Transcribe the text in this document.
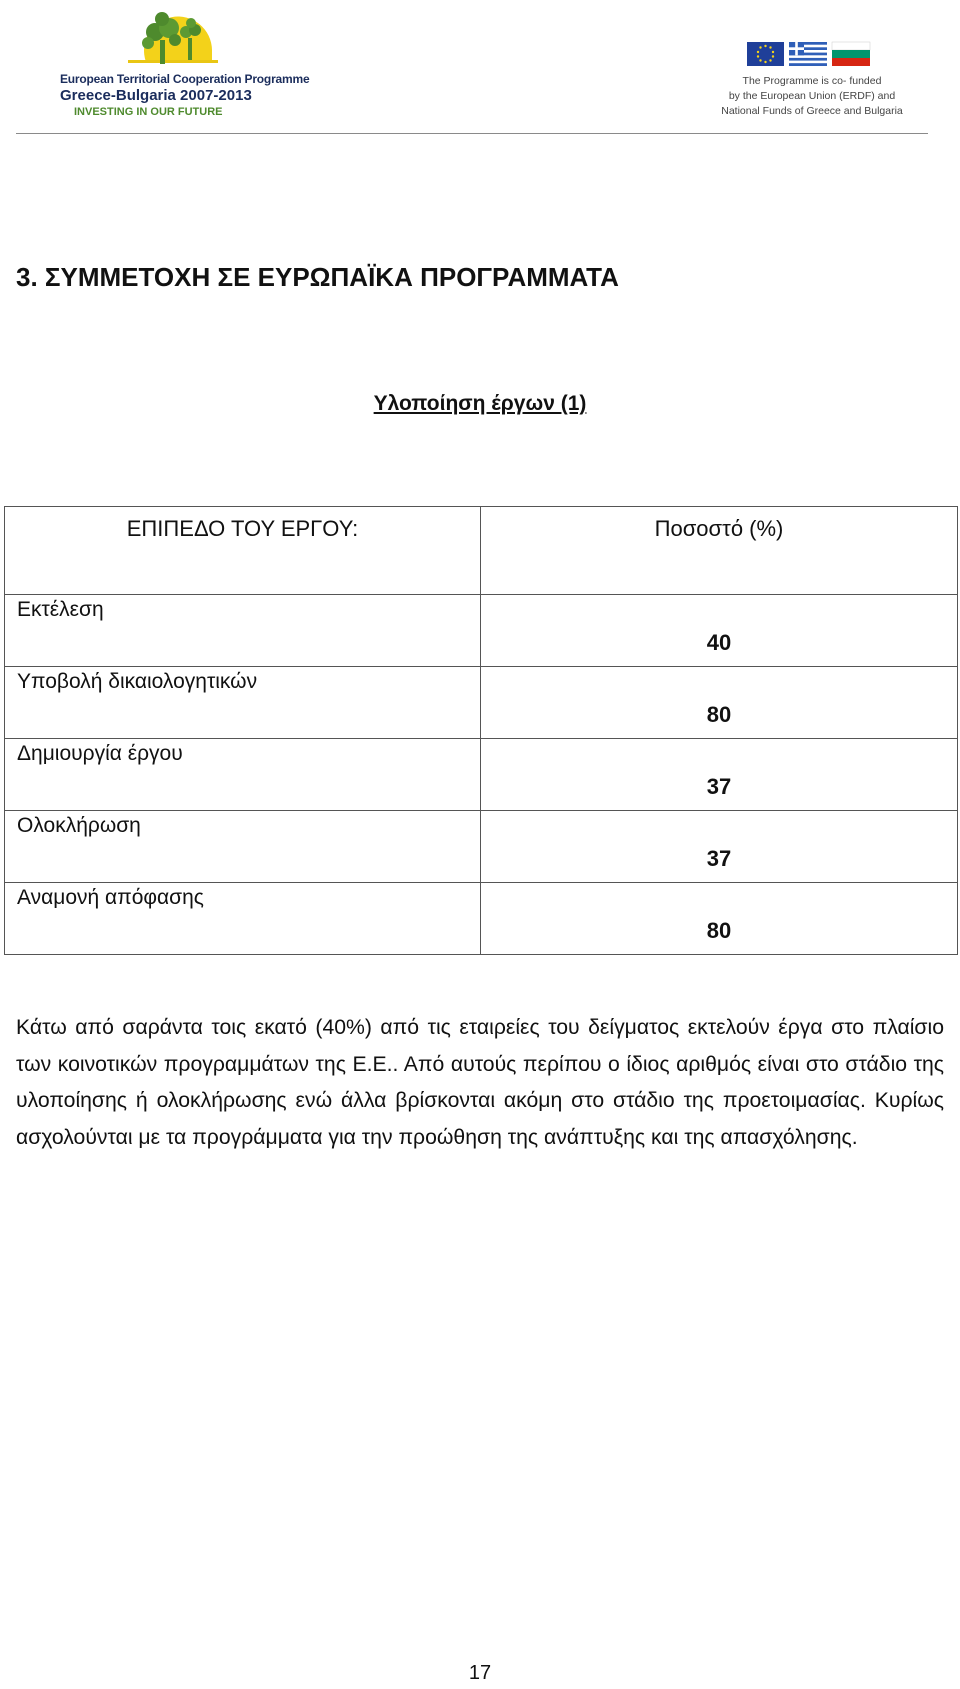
European Territorial Cooperation Programme
Greece-Bulgaria 2007-2013
INVESTING IN OUR FUTURE
The Programme is co- funded
by the European Union (ERDF) and
National Funds of Greece and Bulgaria
3. ΣΥΜΜΕΤΟΧΗ ΣΕ ΕΥΡΩΠΑΪΚΑ ΠΡΟΓΡΑΜΜΑΤΑ
Υλοποίηση έργων (1)
ΕΠΙΠΕΔΟ ΤΟΥ ΕΡΓΟΥ:	Ποσοστό (%)
Εκτέλεση	40
Υποβολή δικαιολογητικών	80
Δημιουργία έργου	37
Ολοκλήρωση	37
Αναμονή απόφασης	80

Κάτω από σαράντα τοις εκατό (40%) από τις εταιρείες του δείγματος εκτελούν έργα στο πλαίσιο των κοινοτικών προγραμμάτων της Ε.Ε.. Από αυτούς περίπου ο ίδιος αριθμός είναι στο στάδιο της υλοποίησης ή ολοκλήρωσης ενώ άλλα βρίσκονται ακόμη στο στάδιο της προετοιμασίας. Κυρίως ασχολούνται με τα προγράμματα για την προώθηση της ανάπτυξης και της απασχόλησης.

17
